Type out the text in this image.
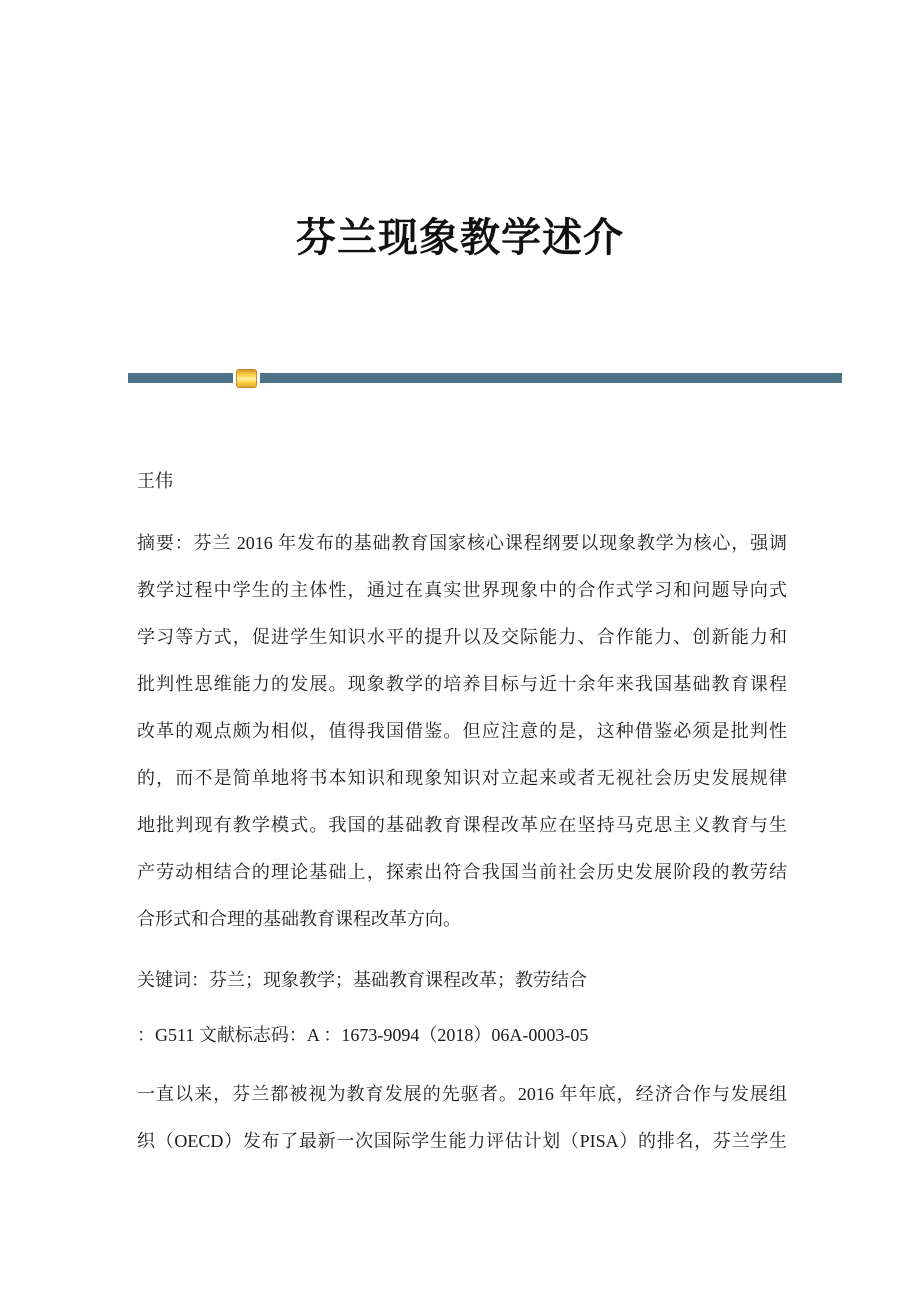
芬兰现象教学述介
王伟
摘要：芬兰 2016 年发布的基础教育国家核心课程纲要以现象教学为核心，强调
教学过程中学生的主体性，通过在真实世界现象中的合作式学习和问题导向式
学习等方式，促进学生知识水平的提升以及交际能力、合作能力、创新能力和
批判性思维能力的发展。现象教学的培养目标与近十余年来我国基础教育课程
改革的观点颇为相似，值得我国借鉴。但应注意的是，这种借鉴必须是批判性
的，而不是简单地将书本知识和现象知识对立起来或者无视社会历史发展规律
地批判现有教学模式。我国的基础教育课程改革应在坚持马克思主义教育与生
产劳动相结合的理论基础上，探索出符合我国当前社会历史发展阶段的教劳结
合形式和合理的基础教育课程改革方向。
关键词：芬兰；现象教学；基础教育课程改革；教劳结合
：G511 文献标志码：A ：1673-9094（2018）06A-0003-05
一直以来，芬兰都被视为教育发展的先驱者。2016 年年底，经济合作与发展组
织（OECD）发布了最新一次国际学生能力评估计划（PISA）的排名，芬兰学生
